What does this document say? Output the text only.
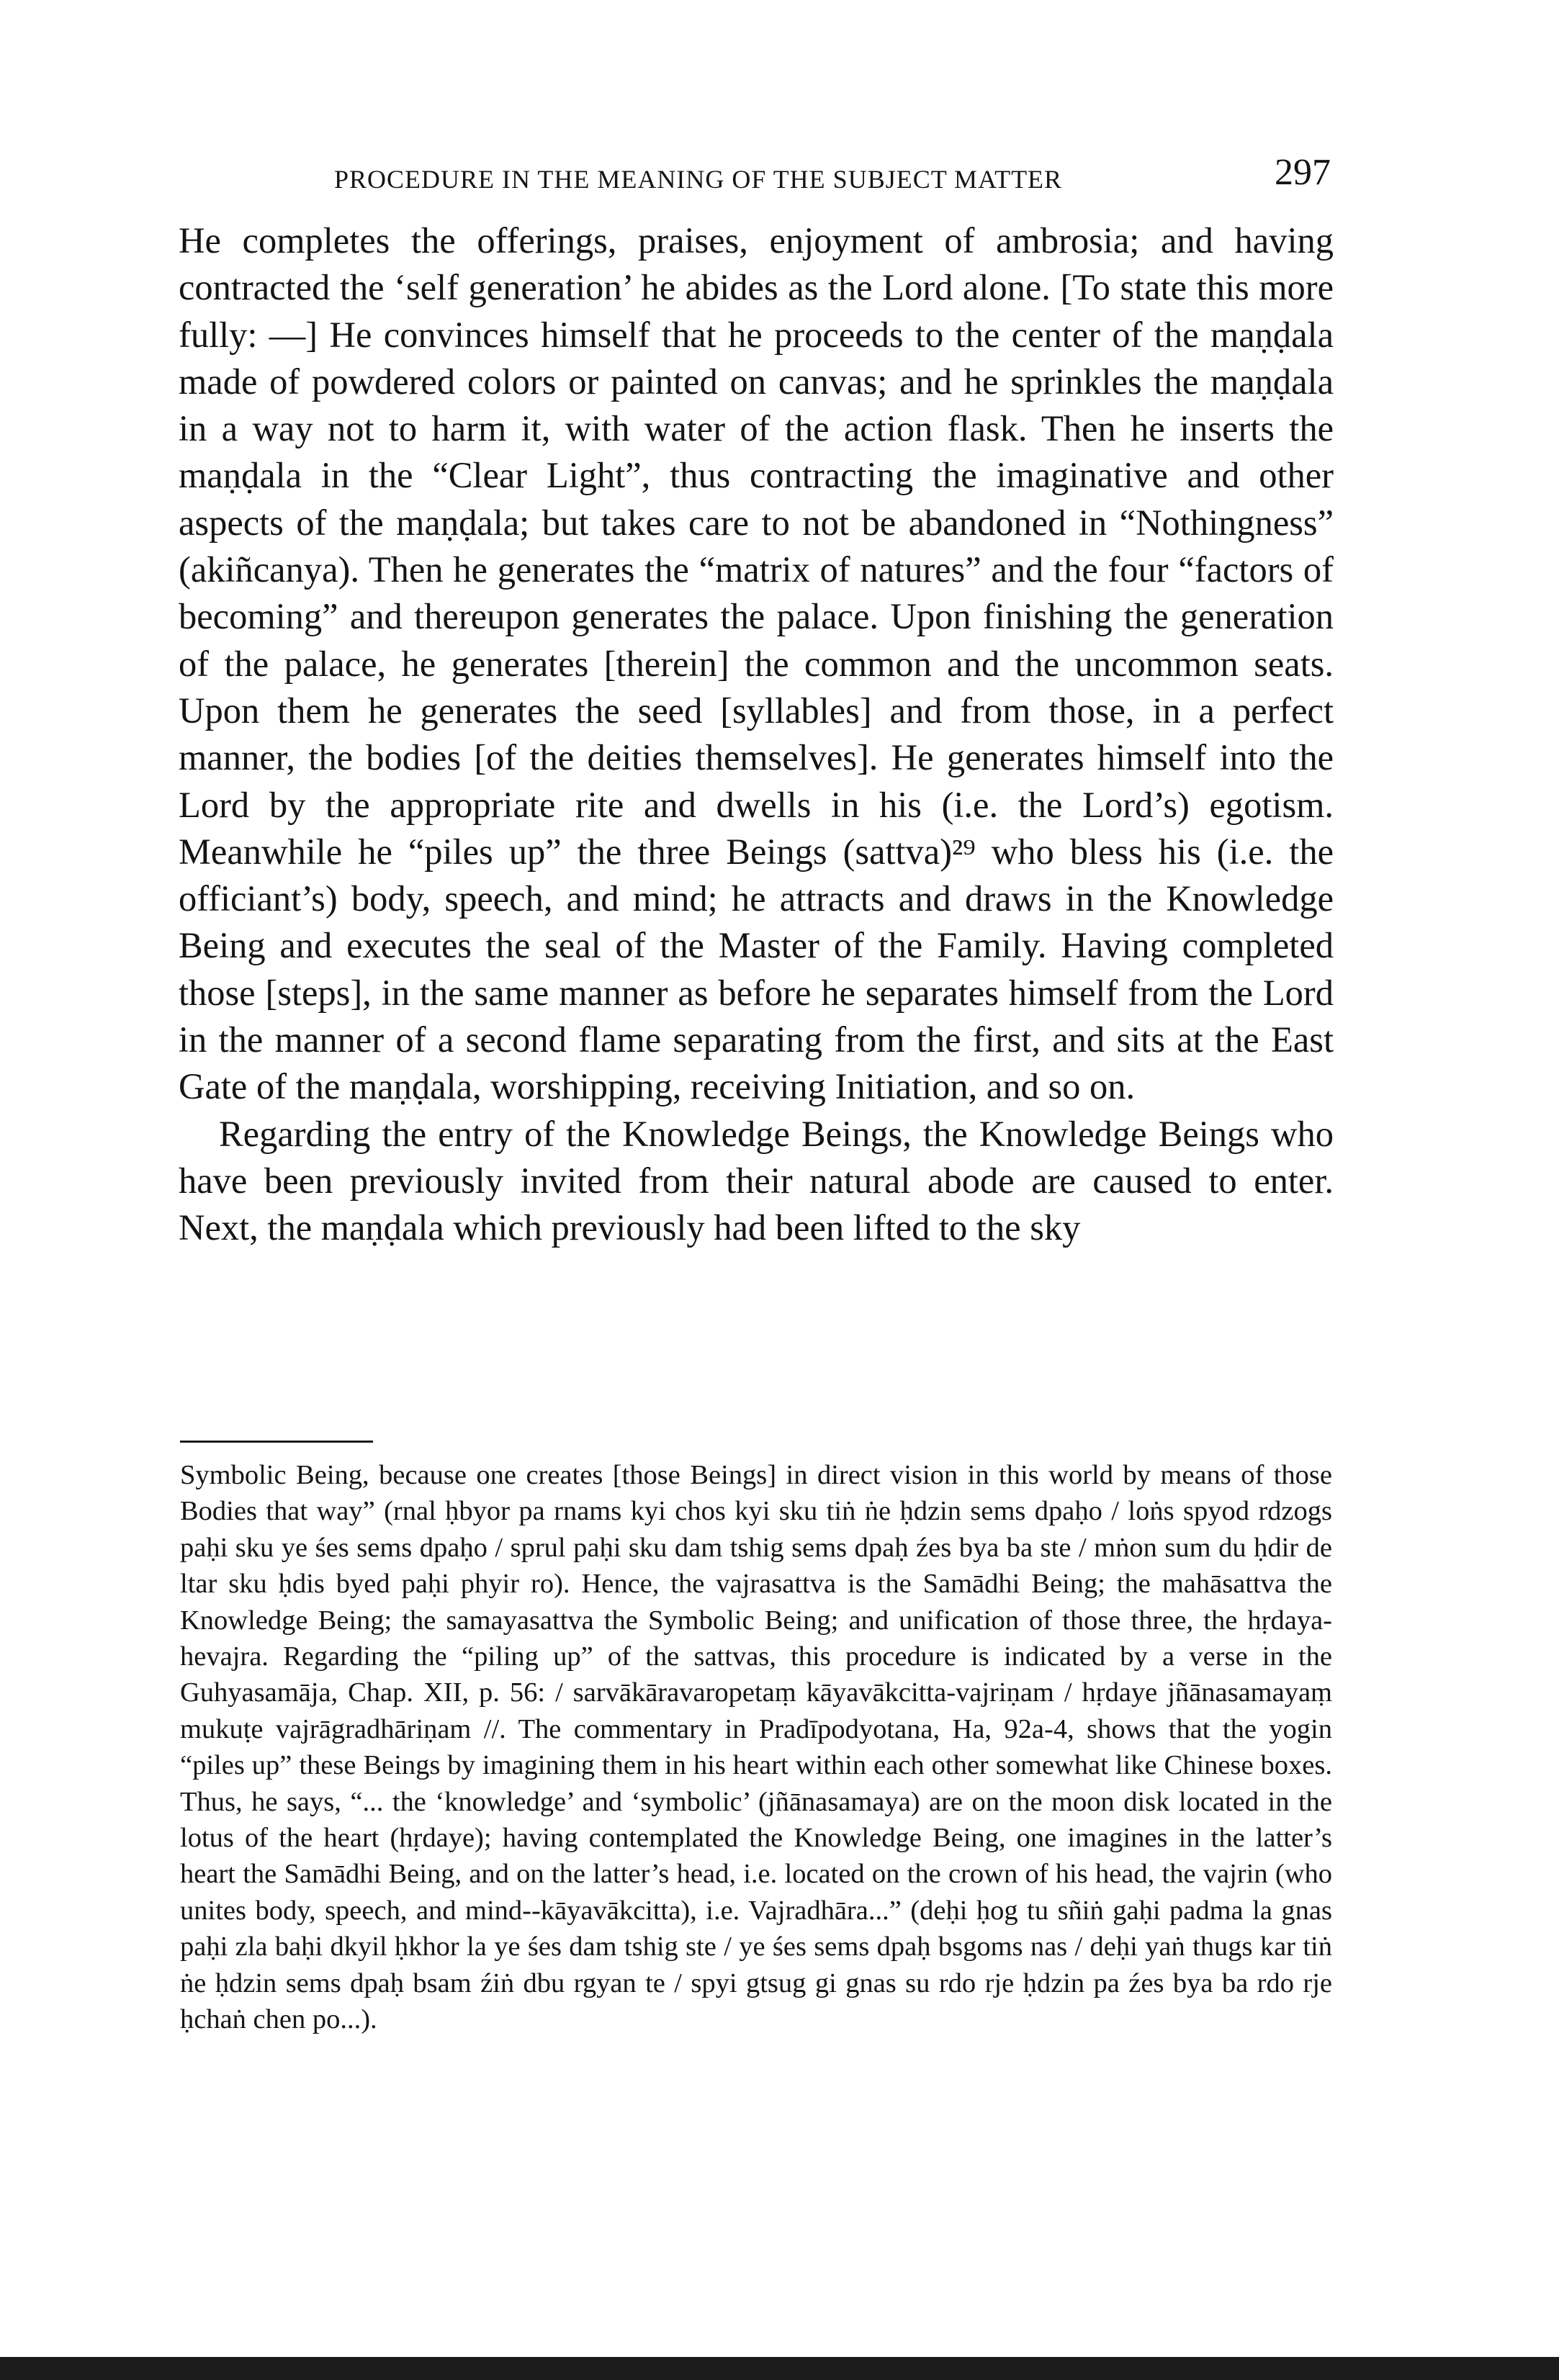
PROCEDURE IN THE MEANING OF THE SUBJECT MATTER	297

He completes the offerings, praises, enjoyment of ambrosia; and having contracted the ‘self generation’ he abides as the Lord alone. [To state this more fully: —] He convinces himself that he proceeds to the center of the maṇḍala made of powdered colors or painted on canvas; and he sprinkles the maṇḍala in a way not to harm it, with water of the action flask. Then he inserts the maṇḍala in the “Clear Light”, thus contracting the imaginative and other aspects of the maṇḍala; but takes care to not be abandoned in “Nothingness” (akiñcanya). Then he generates the “matrix of natures” and the four “factors of becoming” and thereupon generates the palace. Upon finishing the generation of the palace, he generates [therein] the common and the uncommon seats. Upon them he generates the seed [syllables] and from those, in a perfect manner, the bodies [of the deities themselves]. He generates himself into the Lord by the appropriate rite and dwells in his (i.e. the Lord’s) egotism. Meanwhile he “piles up” the three Beings (sattva)²⁹ who bless his (i.e. the officiant’s) body, speech, and mind; he attracts and draws in the Knowledge Being and executes the seal of the Master of the Family. Having completed those [steps], in the same manner as before he separates himself from the Lord in the manner of a second flame separating from the first, and sits at the East Gate of the maṇḍala, worshipping, receiving Initiation, and so on.

Regarding the entry of the Knowledge Beings, the Knowledge Beings who have been previously invited from their natural abode are caused to enter. Next, the maṇḍala which previously had been lifted to the sky

Symbolic Being, because one creates [those Beings] in direct vision in this world by means of those Bodies that way” (rnal ḥbyor pa rnams kyi chos kyi sku tiṅ ṅe ḥdzin sems dpaḥo / loṅs spyod rdzogs paḥi sku ye śes sems dpaḥo / sprul paḥi sku dam tshig sems dpaḥ źes bya ba ste / mṅon sum du ḥdir de ltar sku ḥdis byed paḥi phyir ro). Hence, the vajrasattva is the Samādhi Being; the mahāsattva the Knowledge Being; the samayasattva the Symbolic Being; and unification of those three, the hṛdaya-hevajra. Regarding the “piling up” of the sattvas, this procedure is indicated by a verse in the Guhyasamāja, Chap. XII, p. 56: / sarvākāravaropetaṃ kāyavākcitta-vajriṇam / hṛdaye jñānasamayaṃ mukuṭe vajrāgradhāriṇam //. The commentary in Pradīpodyotana, Ha, 92a-4, shows that the yogin “piles up” these Beings by imagining them in his heart within each other somewhat like Chinese boxes. Thus, he says, “... the ‘knowledge’ and ‘symbolic’ (jñānasamaya) are on the moon disk located in the lotus of the heart (hṛdaye); having contemplated the Knowledge Being, one imagines in the latter’s heart the Samādhi Being, and on the latter’s head, i.e. located on the crown of his head, the vajrin (who unites body, speech, and mind--kāyavākcitta), i.e. Vajradhāra...” (deḥi ḥog tu sñiṅ gaḥi padma la gnas paḥi zla baḥi dkyil ḥkhor la ye śes dam tshig ste / ye śes sems dpaḥ bsgoms nas / deḥi yaṅ thugs kar tiṅ ṅe ḥdzin sems dpaḥ bsam źiṅ dbu rgyan te / spyi gtsug gi gnas su rdo rje ḥdzin pa źes bya ba rdo rje ḥchaṅ chen po...).
